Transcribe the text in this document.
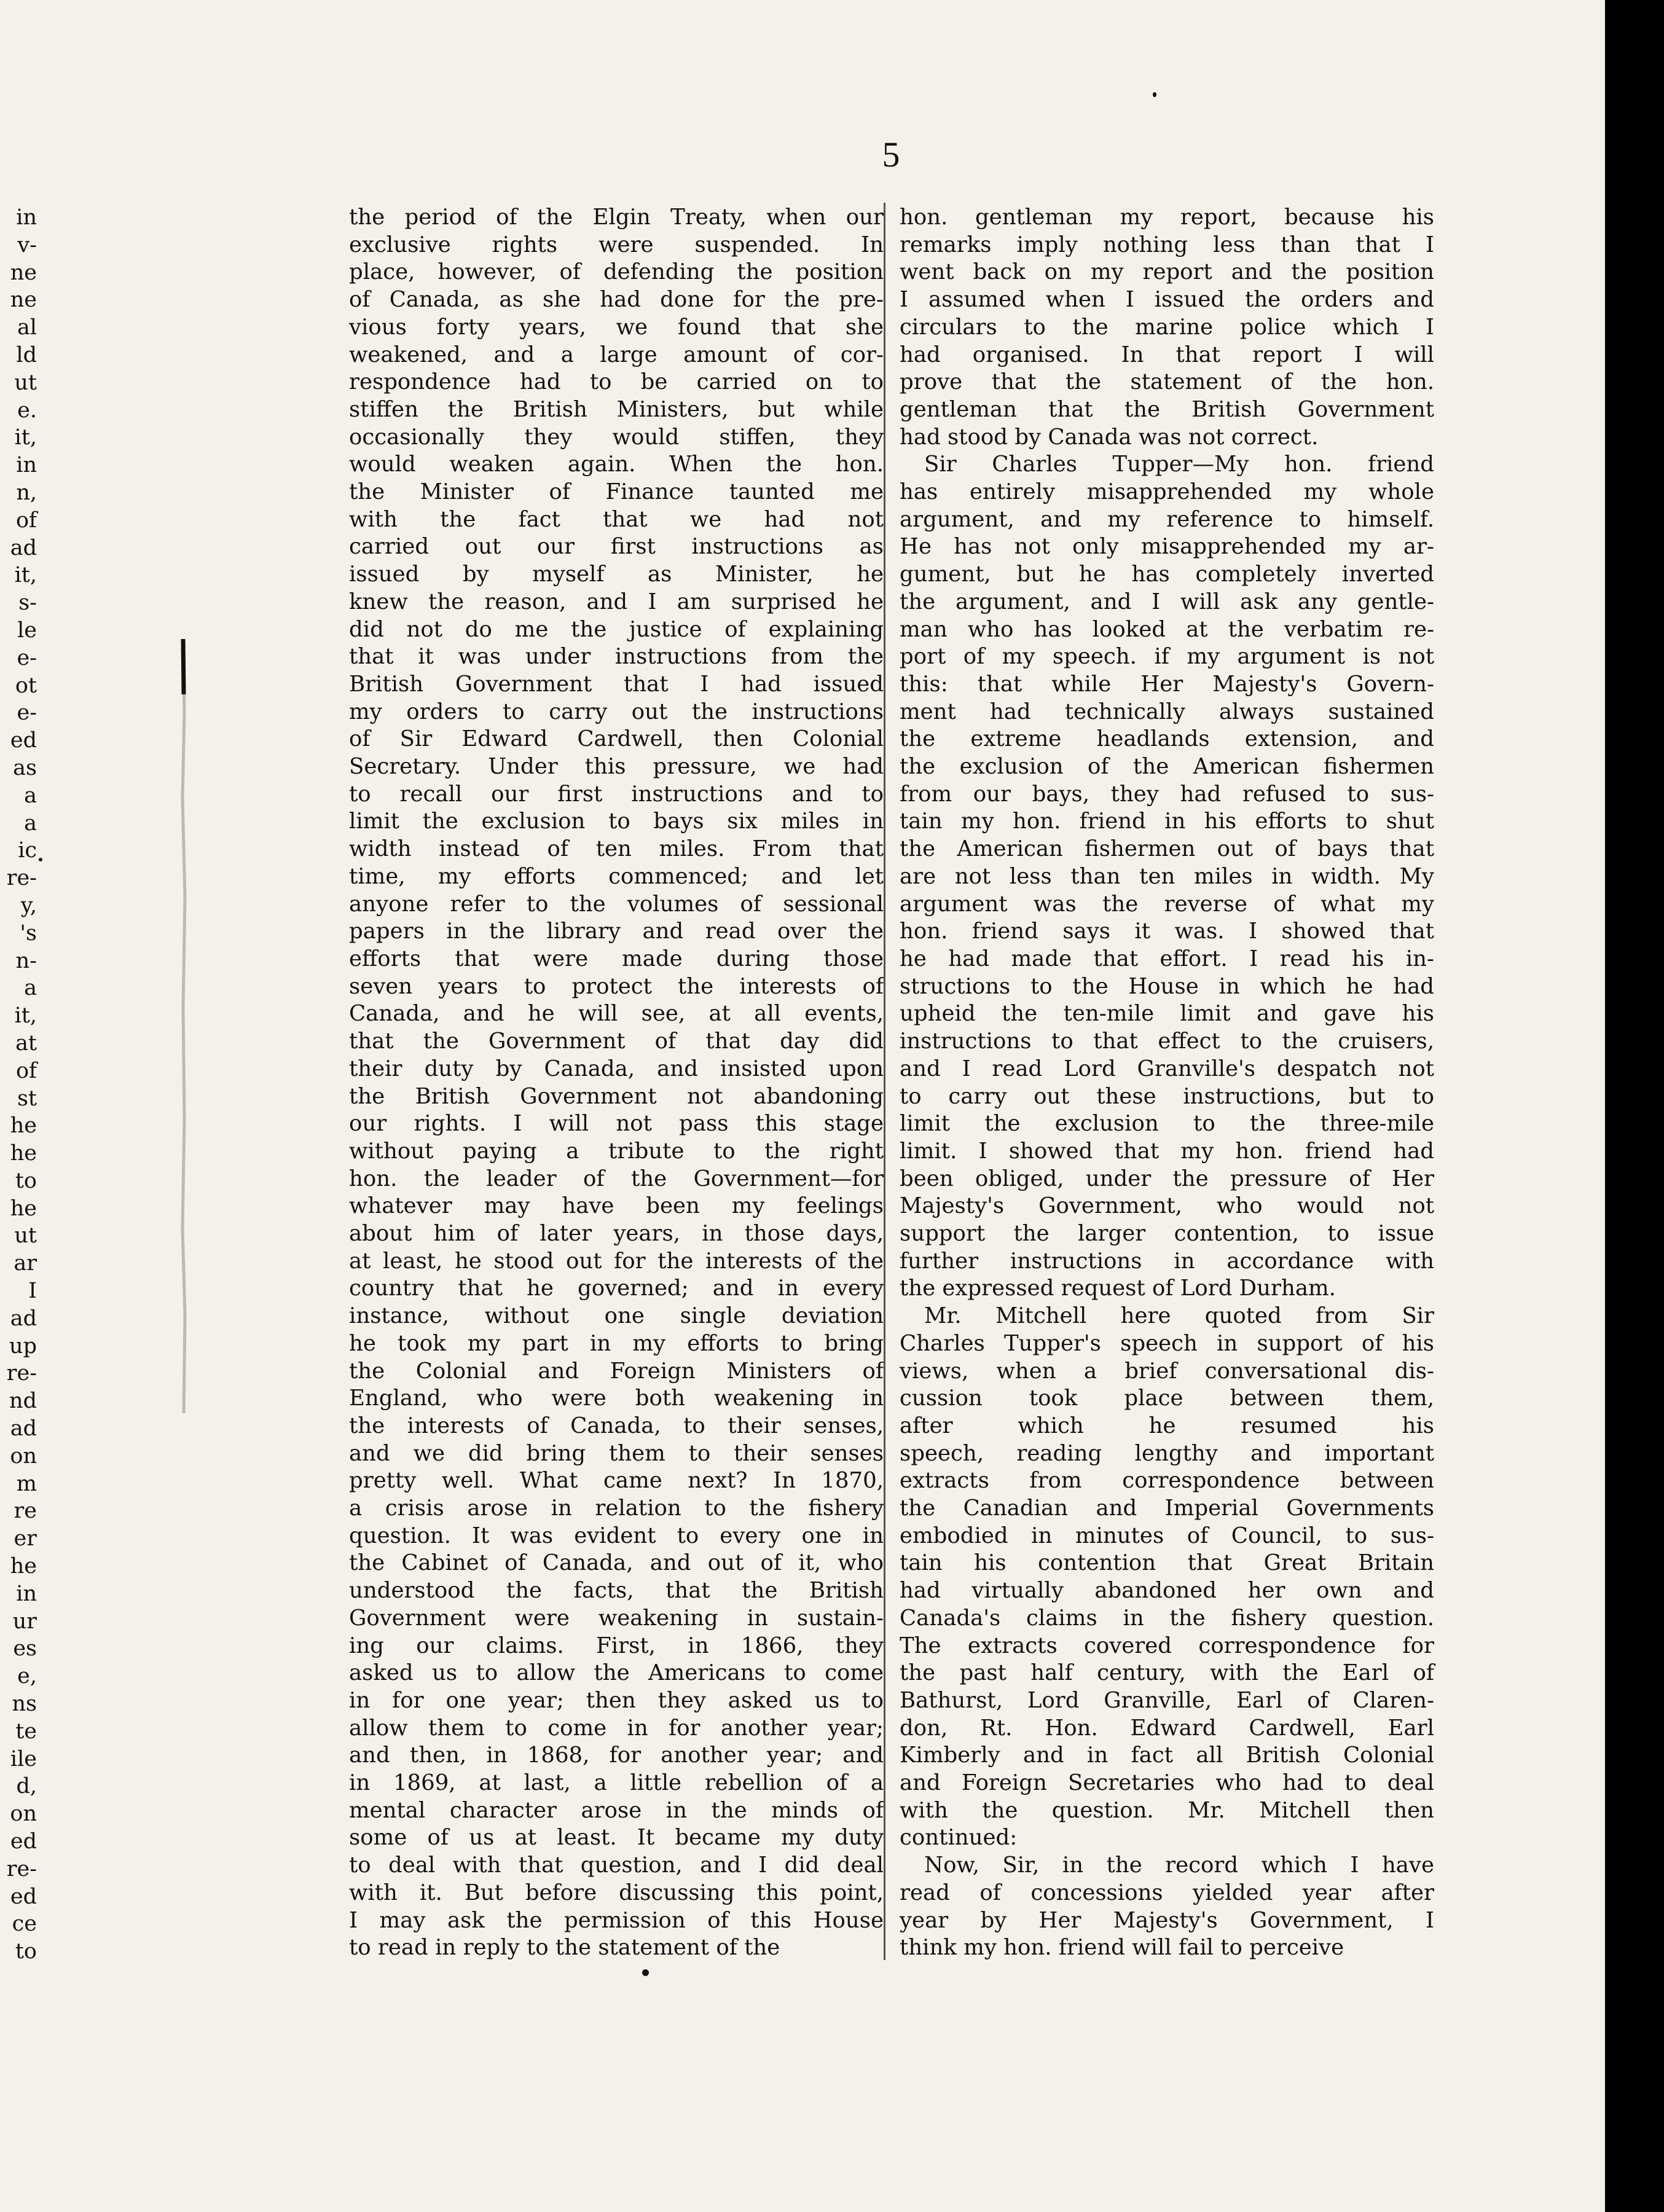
5
in
v-
ne
ne
al
ld
ut
e.
it,
in
n,
of
ad
it,
s-
le
e-
ot
e-
ed
as
a
a
ic
re-
y,
's
n-
a
it,
at
of
st
he
he
to
he
ut
ar
I
ad
up
re-
nd
ad
on
m
re
er
he
in
ur
es
e,
ns
te
ile
d,
on
ed
re-
ed
ce
to
the period of the Elgin Treaty, when our
exclusive rights were suspended. In
place, however, of defending the position
of Canada, as she had done for the pre-
vious forty years, we found that she
weakened, and a large amount of cor-
respondence had to be carried on to
stiffen the British Ministers, but while
occasionally they would stiffen, they
would weaken again. When the hon.
the Minister of Finance taunted me
with the fact that we had not
carried out our first instructions as
issued by myself as Minister, he
knew the reason, and I am surprised he
did not do me the justice of explaining
that it was under instructions from the
British Government that I had issued
my orders to carry out the instructions
of Sir Edward Cardwell, then Colonial
Secretary. Under this pressure, we had
to recall our first instructions and to
limit the exclusion to bays six miles in
width instead of ten miles. From that
time, my efforts commenced; and let
anyone refer to the volumes of sessional
papers in the library and read over the
efforts that were made during those
seven years to protect the interests of
Canada, and he will see, at all events,
that the Government of that day did
their duty by Canada, and insisted upon
the British Government not abandoning
our rights. I will not pass this stage
without paying a tribute to the right
hon. the leader of the Government—for
whatever may have been my feelings
about him of later years, in those days,
at least, he stood out for the interests of the
country that he governed; and in every
instance, without one single deviation
he took my part in my efforts to bring
the Colonial and Foreign Ministers of
England, who were both weakening in
the interests of Canada, to their senses,
and we did bring them to their senses
pretty well. What came next? In 1870,
a crisis arose in relation to the fishery
question. It was evident to every one in
the Cabinet of Canada, and out of it, who
understood the facts, that the British
Government were weakening in sustain-
ing our claims. First, in 1866, they
asked us to allow the Americans to come
in for one year; then they asked us to
allow them to come in for another year;
and then, in 1868, for another year; and
in 1869, at last, a little rebellion of a
mental character arose in the minds of
some of us at least. It became my duty
to deal with that question, and I did deal
with it. But before discussing this point,
I may ask the permission of this House
to read in reply to the statement of the
hon. gentleman my report, because his
remarks imply nothing less than that I
went back on my report and the position
I assumed when I issued the orders and
circulars to the marine police which I
had organised. In that report I will
prove that the statement of the hon.
gentleman that the British Government
had stood by Canada was not correct.
Sir Charles Tupper—My hon. friend
has entirely misapprehended my whole
argument, and my reference to himself.
He has not only misapprehended my ar-
gument, but he has completely inverted
the argument, and I will ask any gentle-
man who has looked at the verbatim re-
port of my speech. if my argument is not
this: that while Her Majesty's Govern-
ment had technically always sustained
the extreme headlands extension, and
the exclusion of the American fishermen
from our bays, they had refused to sus-
tain my hon. friend in his efforts to shut
the American fishermen out of bays that
are not less than ten miles in width. My
argument was the reverse of what my
hon. friend says it was. I showed that
he had made that effort. I read his in-
structions to the House in which he had
upheid the ten-mile limit and gave his
instructions to that effect to the cruisers,
and I read Lord Granville's despatch not
to carry out these instructions, but to
limit the exclusion to the three-mile
limit. I showed that my hon. friend had
been obliged, under the pressure of Her
Majesty's Government, who would not
support the larger contention, to issue
further instructions in accordance with
the expressed request of Lord Durham.
Mr. Mitchell here quoted from Sir
Charles Tupper's speech in support of his
views, when a brief conversational dis-
cussion took place between them,
after which he resumed his
speech, reading lengthy and important
extracts from correspondence between
the Canadian and Imperial Governments
embodied in minutes of Council, to sus-
tain his contention that Great Britain
had virtually abandoned her own and
Canada's claims in the fishery question.
The extracts covered correspondence for
the past half century, with the Earl of
Bathurst, Lord Granville, Earl of Claren-
don, Rt. Hon. Edward Cardwell, Earl
Kimberly and in fact all British Colonial
and Foreign Secretaries who had to deal
with the question. Mr. Mitchell then
continued:
Now, Sir, in the record which I have
read of concessions yielded year after
year by Her Majesty's Government, I
think my hon. friend will fail to perceive
